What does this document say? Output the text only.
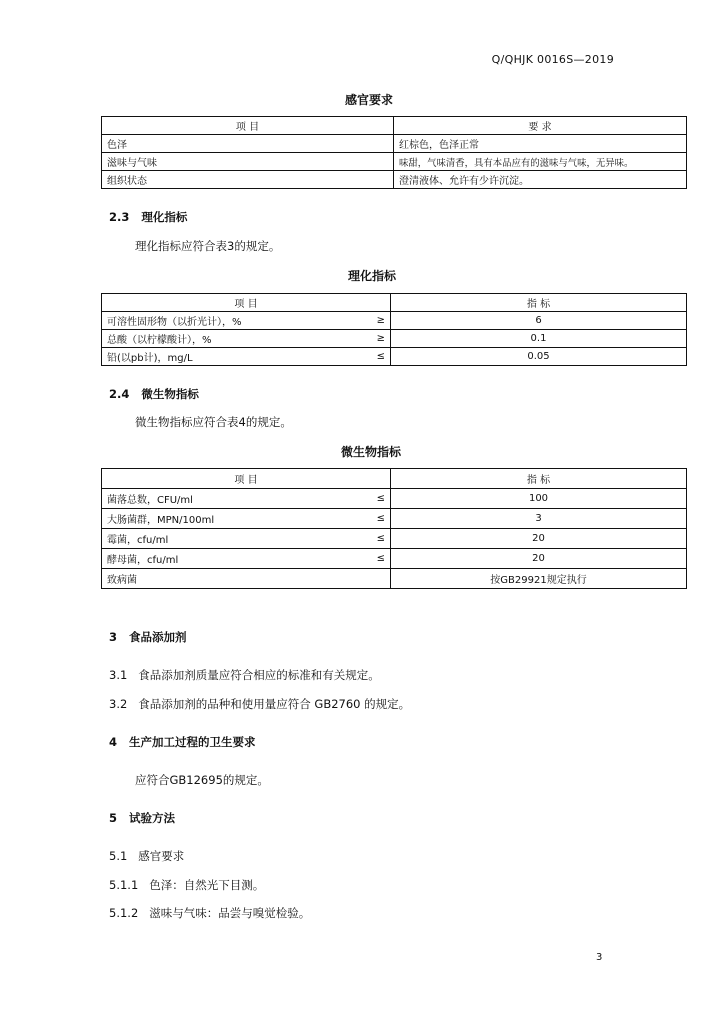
Q/QHJK 0016S—2019
感官要求
项 目	要 求
色泽	红棕色，色泽正常
滋味与气味	味甜，气味清香，具有本品应有的滋味与气味，无异味。
组织状态	澄清液体、允许有少许沉淀。
2.3 理化指标
理化指标应符合表3的规定。
理化指标
项 目		指 标
可溶性固形物（以折光计），%	≥	6
总酸（以柠檬酸计），%	≥	0.1
铅(以pb计)，mg/L	≤	0.05
2.4 微生物指标
微生物指标应符合表4的规定。
微生物指标
项 目		指 标
菌落总数，CFU/ml	≤	100
大肠菌群，MPN/100ml	≤	3
霉菌，cfu/ml	≤	20
酵母菌，cfu/ml	≤	20
致病菌		按GB29921规定执行
3 食品添加剂
3.1 食品添加剂质量应符合相应的标准和有关规定。
3.2 食品添加剂的品种和使用量应符合 GB2760 的规定。
4 生产加工过程的卫生要求
应符合GB12695的规定。
5 试验方法
5.1 感官要求
5.1.1 色泽：自然光下目测。
5.1.2 滋味与气味：品尝与嗅觉检验。
3
